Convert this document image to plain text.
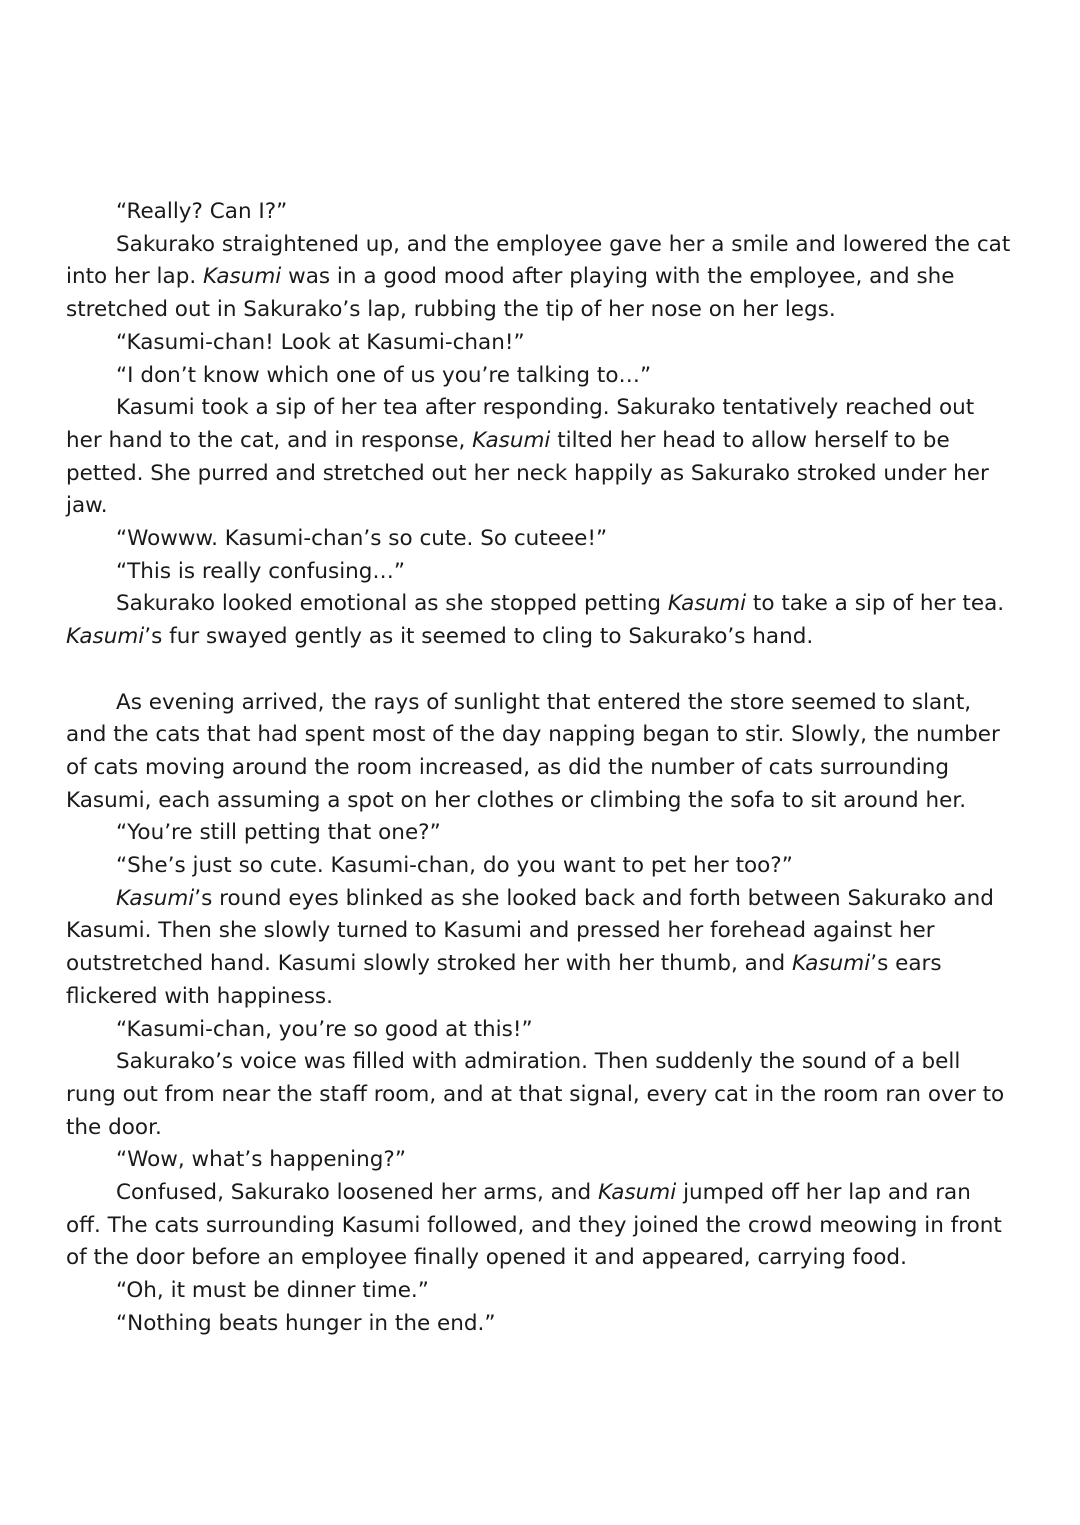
“Really? Can I?”

Sakurako straightened up, and the employee gave her a smile and lowered the cat into her lap. Kasumi was in a good mood after playing with the employee, and she stretched out in Sakurako’s lap, rubbing the tip of her nose on her legs.

“Kasumi-chan! Look at Kasumi-chan!”

“I don’t know which one of us you’re talking to…”

Kasumi took a sip of her tea after responding. Sakurako tentatively reached out her hand to the cat, and in response, Kasumi tilted her head to allow herself to be petted. She purred and stretched out her neck happily as Sakurako stroked under her jaw.

“Wowww. Kasumi-chan’s so cute. So cuteee!”

“This is really confusing…”

Sakurako looked emotional as she stopped petting Kasumi to take a sip of her tea. Kasumi’s fur swayed gently as it seemed to cling to Sakurako’s hand.

As evening arrived, the rays of sunlight that entered the store seemed to slant, and the cats that had spent most of the day napping began to stir. Slowly, the number of cats moving around the room increased, as did the number of cats surrounding Kasumi, each assuming a spot on her clothes or climbing the sofa to sit around her.

“You’re still petting that one?”

“She’s just so cute. Kasumi-chan, do you want to pet her too?”

Kasumi’s round eyes blinked as she looked back and forth between Sakurako and Kasumi. Then she slowly turned to Kasumi and pressed her forehead against her outstretched hand. Kasumi slowly stroked her with her thumb, and Kasumi’s ears flickered with happiness.

“Kasumi-chan, you’re so good at this!”

Sakurako’s voice was filled with admiration. Then suddenly the sound of a bell rung out from near the staff room, and at that signal, every cat in the room ran over to the door.

“Wow, what’s happening?”

Confused, Sakurako loosened her arms, and Kasumi jumped off her lap and ran off. The cats surrounding Kasumi followed, and they joined the crowd meowing in front of the door before an employee finally opened it and appeared, carrying food.

“Oh, it must be dinner time.”

“Nothing beats hunger in the end.”
